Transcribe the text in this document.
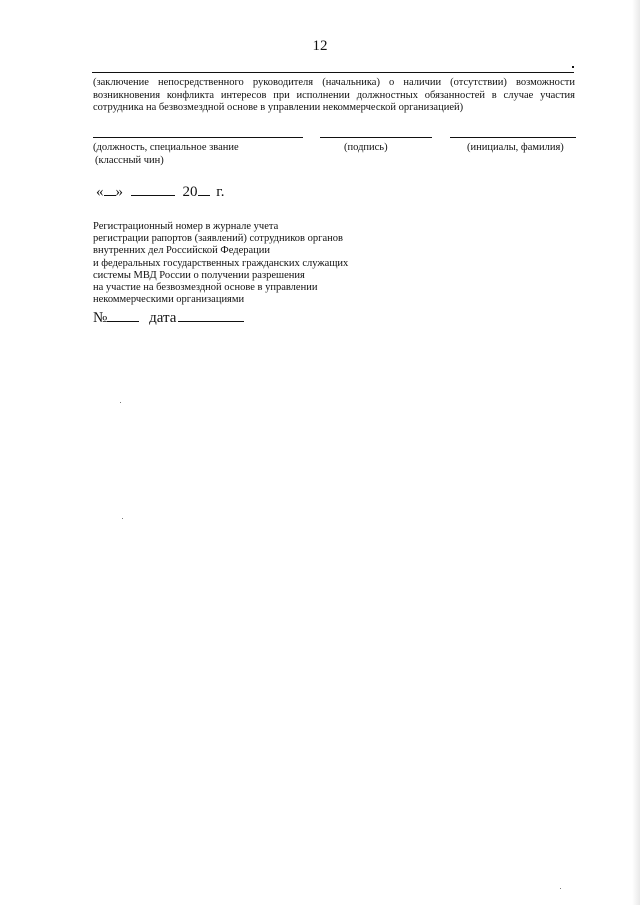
12
(заключение непосредственного руководителя (начальника) о наличии (отсутствии) возможности
возникновения конфликта интересов при исполнении должностных обязанностей в случае участия
сотрудника на безвозмездной основе в управлении некоммерческой организацией)
(должность, специальное звание	(подпись)	(инициалы, фамилия)
(классный чин)
« »	20 г.
Регистрационный номер в журнале учета
регистрации рапортов (заявлений) сотрудников органов
внутренних дел Российской Федерации
и федеральных государственных гражданских служащих
системы МВД России о получении разрешения
на участие на безвозмездной основе в управлении
некоммерческими организациями
№	дата
